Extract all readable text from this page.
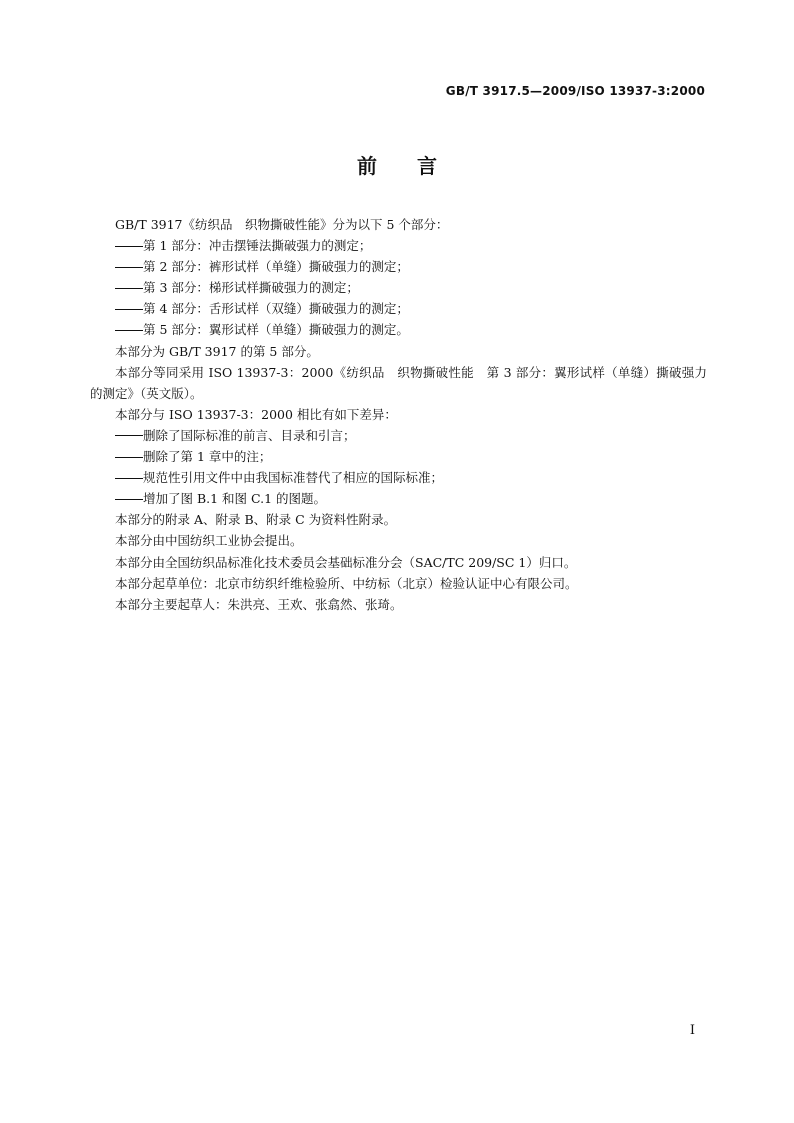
GB/T 3917.5—2009/ISO 13937-3:2000
前言

GB/T 3917《纺织品　织物撕破性能》分为以下 5 个部分：

第 1 部分：冲击摆锤法撕破强力的测定；

第 2 部分：裤形试样（单缝）撕破强力的测定；

第 3 部分：梯形试样撕破强力的测定；

第 4 部分：舌形试样（双缝）撕破强力的测定；

第 5 部分：翼形试样（单缝）撕破强力的测定。

本部分为 GB/T 3917 的第 5 部分。

本部分等同采用 ISO 13937-3：2000《纺织品　织物撕破性能　第 3 部分：翼形试样（单缝）撕破强力的测定》（英文版）。

本部分与 ISO 13937-3：2000 相比有如下差异：

删除了国际标准的前言、目录和引言；

删除了第 1 章中的注；

规范性引用文件中由我国标准替代了相应的国际标准；

增加了图 B.1 和图 C.1 的图题。

本部分的附录 A、附录 B、附录 C 为资料性附录。

本部分由中国纺织工业协会提出。

本部分由全国纺织品标准化技术委员会基础标准分会（SAC/TC 209/SC 1）归口。

本部分起草单位：北京市纺织纤维检验所、中纺标（北京）检验认证中心有限公司。

本部分主要起草人：朱洪亮、王欢、张翕然、张琦。

I
